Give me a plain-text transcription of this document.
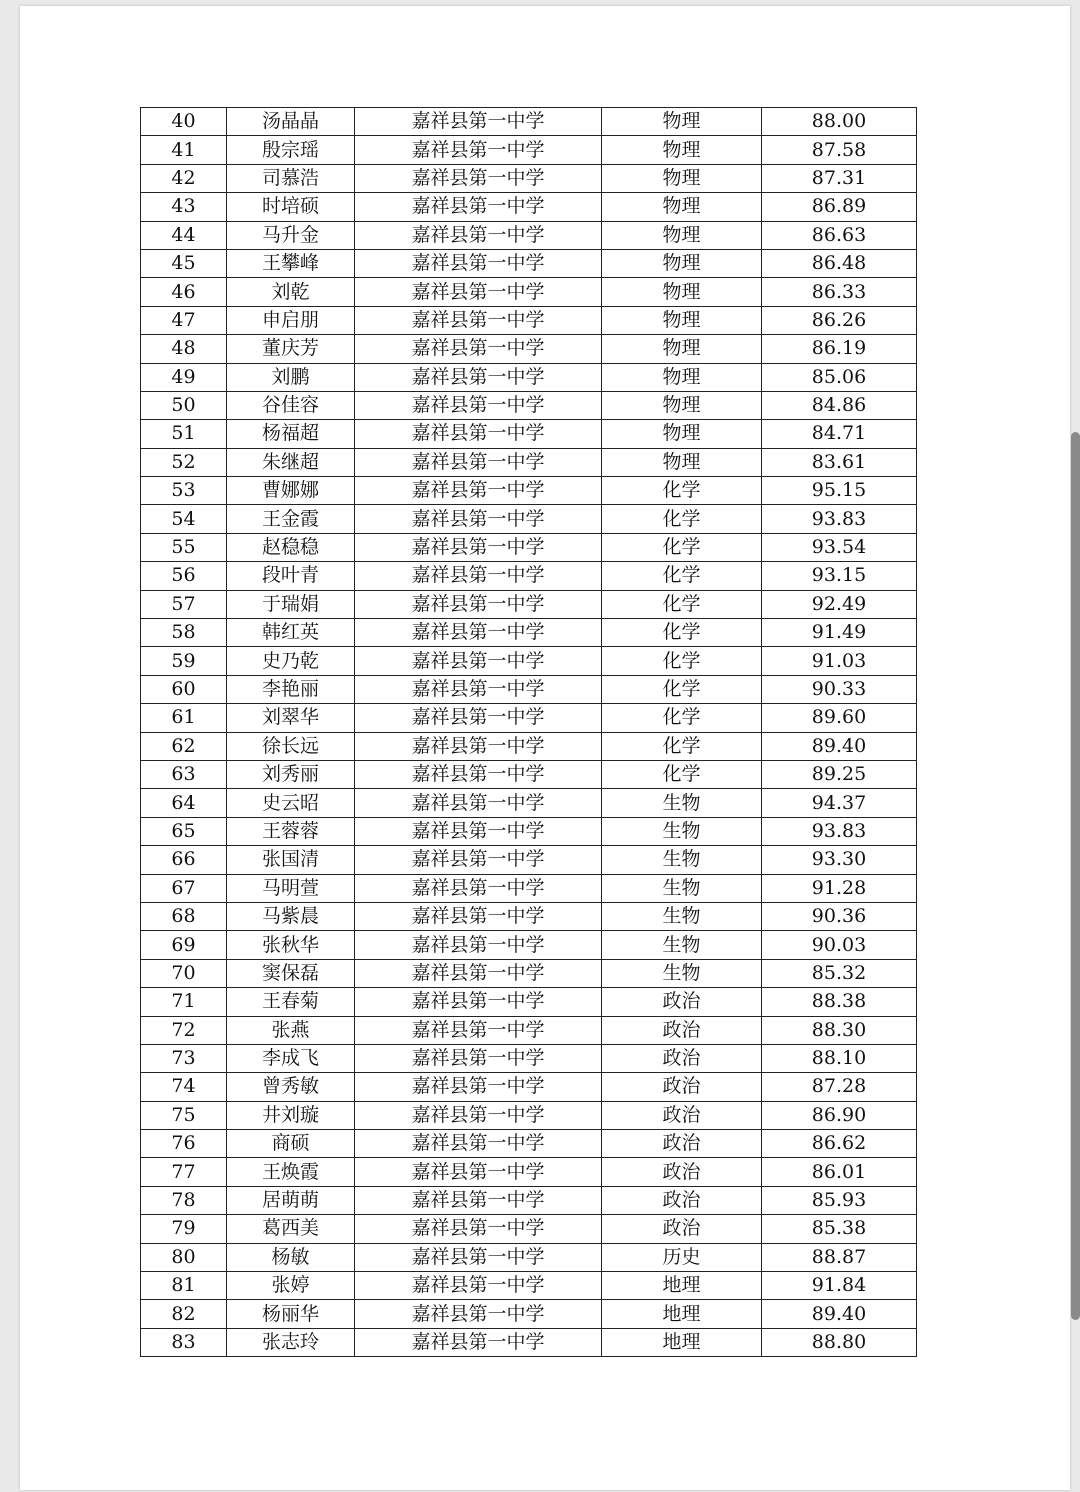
40	汤晶晶	嘉祥县第一中学	物理	88.00
41	殷宗瑶	嘉祥县第一中学	物理	87.58
42	司慕浩	嘉祥县第一中学	物理	87.31
43	时培硕	嘉祥县第一中学	物理	86.89
44	马升金	嘉祥县第一中学	物理	86.63
45	王攀峰	嘉祥县第一中学	物理	86.48
46	刘乾	嘉祥县第一中学	物理	86.33
47	申启朋	嘉祥县第一中学	物理	86.26
48	董庆芳	嘉祥县第一中学	物理	86.19
49	刘鹏	嘉祥县第一中学	物理	85.06
50	谷佳容	嘉祥县第一中学	物理	84.86
51	杨福超	嘉祥县第一中学	物理	84.71
52	朱继超	嘉祥县第一中学	物理	83.61
53	曹娜娜	嘉祥县第一中学	化学	95.15
54	王金霞	嘉祥县第一中学	化学	93.83
55	赵稳稳	嘉祥县第一中学	化学	93.54
56	段叶青	嘉祥县第一中学	化学	93.15
57	于瑞娟	嘉祥县第一中学	化学	92.49
58	韩红英	嘉祥县第一中学	化学	91.49
59	史乃乾	嘉祥县第一中学	化学	91.03
60	李艳丽	嘉祥县第一中学	化学	90.33
61	刘翠华	嘉祥县第一中学	化学	89.60
62	徐长远	嘉祥县第一中学	化学	89.40
63	刘秀丽	嘉祥县第一中学	化学	89.25
64	史云昭	嘉祥县第一中学	生物	94.37
65	王蓉蓉	嘉祥县第一中学	生物	93.83
66	张国清	嘉祥县第一中学	生物	93.30
67	马明萱	嘉祥县第一中学	生物	91.28
68	马紫晨	嘉祥县第一中学	生物	90.36
69	张秋华	嘉祥县第一中学	生物	90.03
70	窦保磊	嘉祥县第一中学	生物	85.32
71	王春菊	嘉祥县第一中学	政治	88.38
72	张燕	嘉祥县第一中学	政治	88.30
73	李成飞	嘉祥县第一中学	政治	88.10
74	曾秀敏	嘉祥县第一中学	政治	87.28
75	井刘璇	嘉祥县第一中学	政治	86.90
76	商硕	嘉祥县第一中学	政治	86.62
77	王焕霞	嘉祥县第一中学	政治	86.01
78	居萌萌	嘉祥县第一中学	政治	85.93
79	葛西美	嘉祥县第一中学	政治	85.38
80	杨敏	嘉祥县第一中学	历史	88.87
81	张婷	嘉祥县第一中学	地理	91.84
82	杨丽华	嘉祥县第一中学	地理	89.40
83	张志玲	嘉祥县第一中学	地理	88.80
